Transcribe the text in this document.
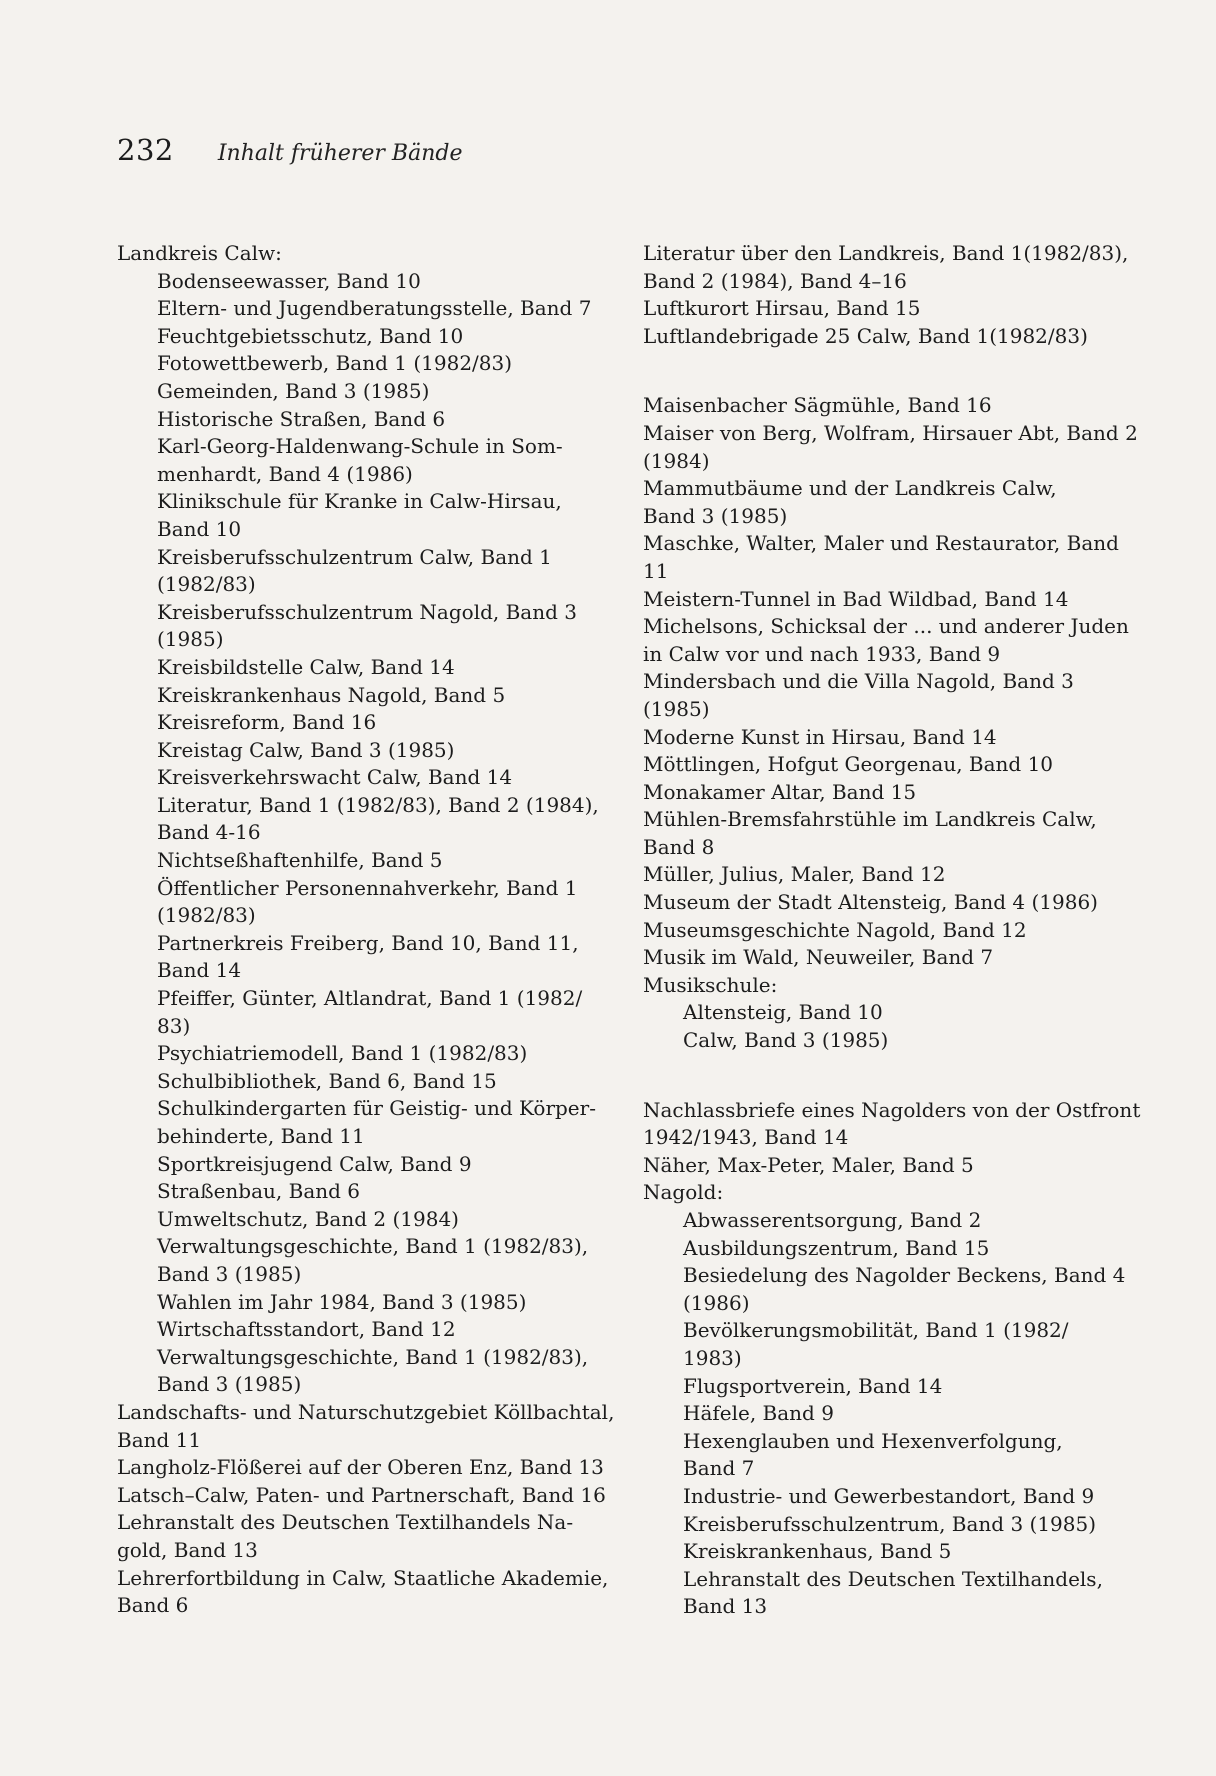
232 Inhalt früherer Bände
Landkreis Calw:
Bodenseewasser, Band 10
Eltern- und Jugendberatungsstelle, Band 7
Feuchtgebietsschutz, Band 10
Fotowettbewerb, Band 1 (1982/83)
Gemeinden, Band 3 (1985)
Historische Straßen, Band 6
Karl-Georg-Haldenwang-Schule in Som-
menhardt, Band 4 (1986)
Klinikschule für Kranke in Calw-Hirsau,
Band 10
Kreisberufsschulzentrum Calw, Band 1
(1982/83)
Kreisberufsschulzentrum Nagold, Band 3
(1985)
Kreisbildstelle Calw, Band 14
Kreiskrankenhaus Nagold, Band 5
Kreisreform, Band 16
Kreistag Calw, Band 3 (1985)
Kreisverkehrswacht Calw, Band 14
Literatur, Band 1 (1982/83), Band 2 (1984),
Band 4-16
Nichtseßhaftenhilfe, Band 5
Öffentlicher Personennahverkehr, Band 1
(1982/83)
Partnerkreis Freiberg, Band 10, Band 11,
Band 14
Pfeiffer, Günter, Altlandrat, Band 1 (1982/
83)
Psychiatriemodell, Band 1 (1982/83)
Schulbibliothek, Band 6, Band 15
Schulkindergarten für Geistig- und Körper-
behinderte, Band 11
Sportkreisjugend Calw, Band 9
Straßenbau, Band 6
Umweltschutz, Band 2 (1984)
Verwaltungsgeschichte, Band 1 (1982/83),
Band 3 (1985)
Wahlen im Jahr 1984, Band 3 (1985)
Wirtschaftsstandort, Band 12
Verwaltungsgeschichte, Band 1 (1982/83),
Band 3 (1985)
Landschafts- und Naturschutzgebiet Köllbachtal,
Band 11
Langholz-Flößerei auf der Oberen Enz, Band 13
Latsch–Calw, Paten- und Partnerschaft, Band 16
Lehranstalt des Deutschen Textilhandels Na-
gold, Band 13
Lehrerfortbildung in Calw, Staatliche Akademie,
Band 6
Literatur über den Landkreis, Band 1(1982/83),
Band 2 (1984), Band 4–16
Luftkurort Hirsau, Band 15
Luftlandebrigade 25 Calw, Band 1(1982/83)
Maisenbacher Sägmühle, Band 16
Maiser von Berg, Wolfram, Hirsauer Abt, Band 2
(1984)
Mammutbäume und der Landkreis Calw,
Band 3 (1985)
Maschke, Walter, Maler und Restaurator, Band
11
Meistern-Tunnel in Bad Wildbad, Band 14
Michelsons, Schicksal der ... und anderer Juden
in Calw vor und nach 1933, Band 9
Mindersbach und die Villa Nagold, Band 3
(1985)
Moderne Kunst in Hirsau, Band 14
Möttlingen, Hofgut Georgenau, Band 10
Monakamer Altar, Band 15
Mühlen-Bremsfahrstühle im Landkreis Calw,
Band 8
Müller, Julius, Maler, Band 12
Museum der Stadt Altensteig, Band 4 (1986)
Museumsgeschichte Nagold, Band 12
Musik im Wald, Neuweiler, Band 7
Musikschule:
Altensteig, Band 10
Calw, Band 3 (1985)
Nachlassbriefe eines Nagolders von der Ostfront
1942/1943, Band 14
Näher, Max-Peter, Maler, Band 5
Nagold:
Abwasserentsorgung, Band 2
Ausbildungszentrum, Band 15
Besiedelung des Nagolder Beckens, Band 4
(1986)
Bevölkerungsmobilität, Band 1 (1982/
1983)
Flugsportverein, Band 14
Häfele, Band 9
Hexenglauben und Hexenverfolgung,
Band 7
Industrie- und Gewerbestandort, Band 9
Kreisberufsschulzentrum, Band 3 (1985)
Kreiskrankenhaus, Band 5
Lehranstalt des Deutschen Textilhandels,
Band 13
